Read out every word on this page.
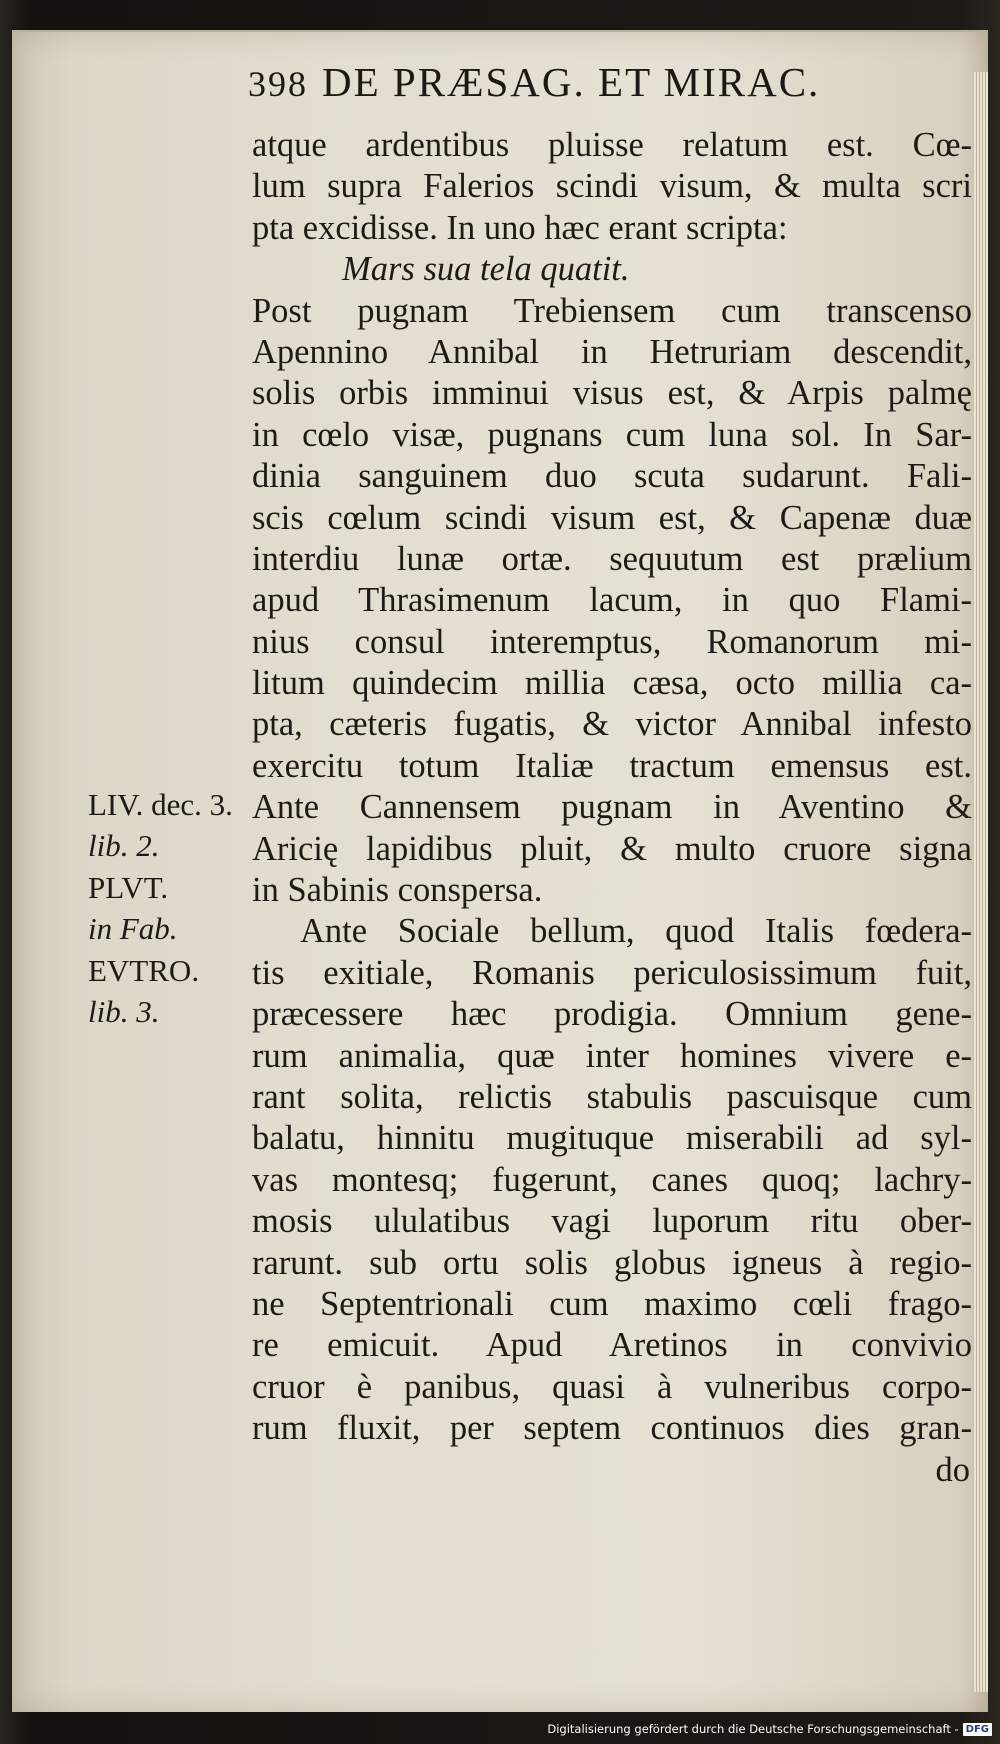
398 DE PRÆSAG. ET MIRAC.
atque ardentibus pluisse relatum est. Cœ-
lum supra Falerios scindi visum, & multa scri
pta excidisse. In uno hæc erant scripta:
Mars sua tela quatit.
Post pugnam Trebiensem cum transcenso
Apennino Annibal in Hetruriam descendit,
solis orbis imminui visus est, & Arpis palmę
in cœlo visæ, pugnans cum luna sol. In Sar-
dinia sanguinem duo scuta sudarunt. Fali-
scis cœlum scindi visum est, & Capenæ duæ
interdiu lunæ ortæ. sequutum est prælium
apud Thrasimenum lacum, in quo Flami-
nius consul interemptus, Romanorum mi-
litum quindecim millia cæsa, octo millia ca-
pta, cæteris fugatis, & victor Annibal infesto
exercitu totum Italiæ tractum emensus est.
Ante Cannensem pugnam in Aventino &
Aricię lapidibus pluit, & multo cruore signa
in Sabinis conspersa.
Ante Sociale bellum, quod Italis fœdera-
tis exitiale, Romanis periculosissimum fuit,
præcessere hæc prodigia. Omnium gene-
rum animalia, quæ inter homines vivere e-
rant solita, relictis stabulis pascuisque cum
balatu, hinnitu mugituque miserabili ad syl-
vas montesq; fugerunt, canes quoq; lachry-
mosis ululatibus vagi luporum ritu ober-
rarunt. sub ortu solis globus igneus à regio-
ne Septentrionali cum maximo cœli frago-
re emicuit. Apud Aretinos in convivio
cruor è panibus, quasi à vulneribus corpo-
rum fluxit, per septem continuos dies gran-
do
LIV. dec. 3.
lib. 2.
PLVT.
in Fab.
EVTRO.
lib. 3.
Digitalisierung gefördert durch die Deutsche Forschungsgemeinschaft - DFG
